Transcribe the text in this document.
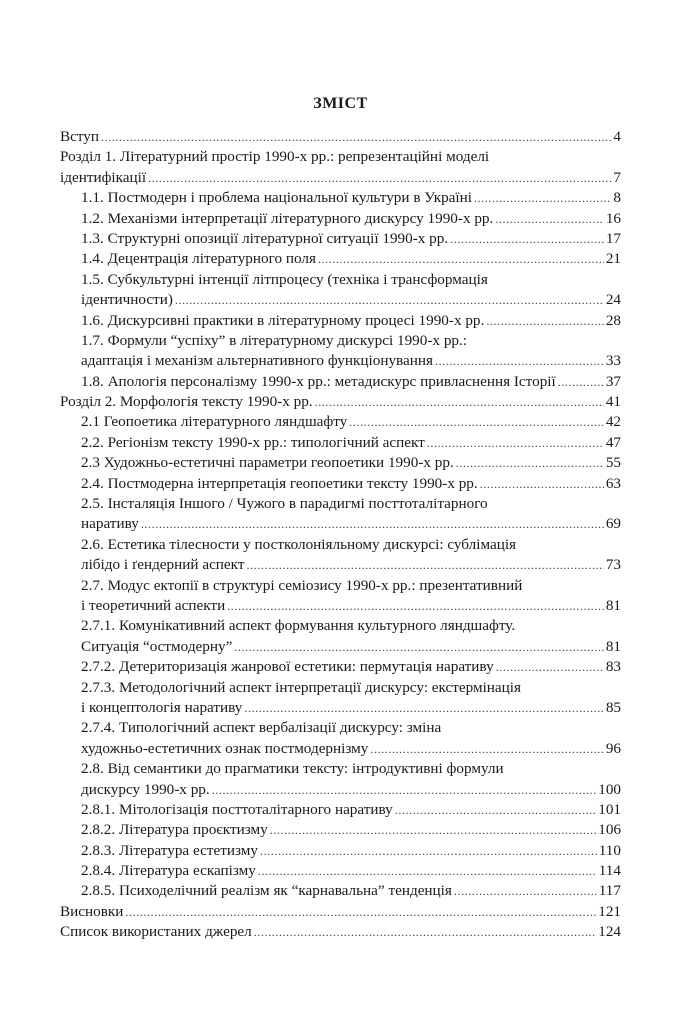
ЗМІСТ
Вступ .....	4
Розділ 1. Літературний простір 1990-х рр.: репрезентаційні моделі
ідентифікації .....	7
1.1. Постмодерн і проблема національної культури в Україні .....	8
1.2. Механізми інтерпретації літературного дискурсу 1990-х рр. .....	16
1.3. Структурні опозиції літературної ситуації 1990-х рр. .....	17
1.4. Децентрація літературного поля .....	21
1.5. Субкультурні інтенції літпроцесу (техніка і трансформація
ідентичности) .....	24
1.6. Дискурсивні практики в літературному процесі 1990-х рр. .....	28
1.7. Формули “успіху” в літературному дискурсі 1990-х рр.:
адаптація і механізм альтернативного функціонування .....	33
1.8. Апологія персоналізму 1990-х рр.: метадискурс привласнення Історії .....	37
Розділ 2. Морфологія тексту 1990-х рр. .....	41
2.1 Геопоетика літературного ляндшафту .....	42
2.2. Регіонізм тексту 1990-х рр.: типологічний аспект .....	47
2.3 Художньо-естетичні параметри геопоетики 1990-х рр. .....	55
2.4. Постмодерна інтерпретація геопоетики тексту 1990-х рр. .....	63
2.5. Інсталяція Іншого / Чужого в парадигмі посттоталітарного
наративу .....	69
2.6. Естетика тілесности у постколоніяльному дискурсі: сублімація
лібідо і ґендерний аспект .....	73
2.7. Модус ектопії в структурі семіозису 1990-х рр.: презентативний
і теоретичний аспекти .....	81
2.7.1. Комунікативний аспект формування культурного ляндшафту.
Ситуація “остмодерну” .....	81
2.7.2. Детериторизація жанрової естетики: пермутація наративу .....	83
2.7.3. Методологічний аспект інтерпретації дискурсу: екстермінація
і концептологія наративу .....	85
2.7.4. Типологічний аспект вербалізації дискурсу: зміна
художньо-естетичних ознак постмодернізму .....	96
2.8. Від семантики до прагматики тексту: інтродуктивні формули
дискурсу 1990-х рр. .....	100
2.8.1. Мітологізація посттоталітарного наративу .....	101
2.8.2. Література проєктизму .....	106
2.8.3. Література естетизму .....	110
2.8.4. Література ескапізму .....	114
2.8.5. Психоделічний реалізм як “карнавальна” тенденція .....	117
Висновки .....	121
Список використаних джерел .....	124
